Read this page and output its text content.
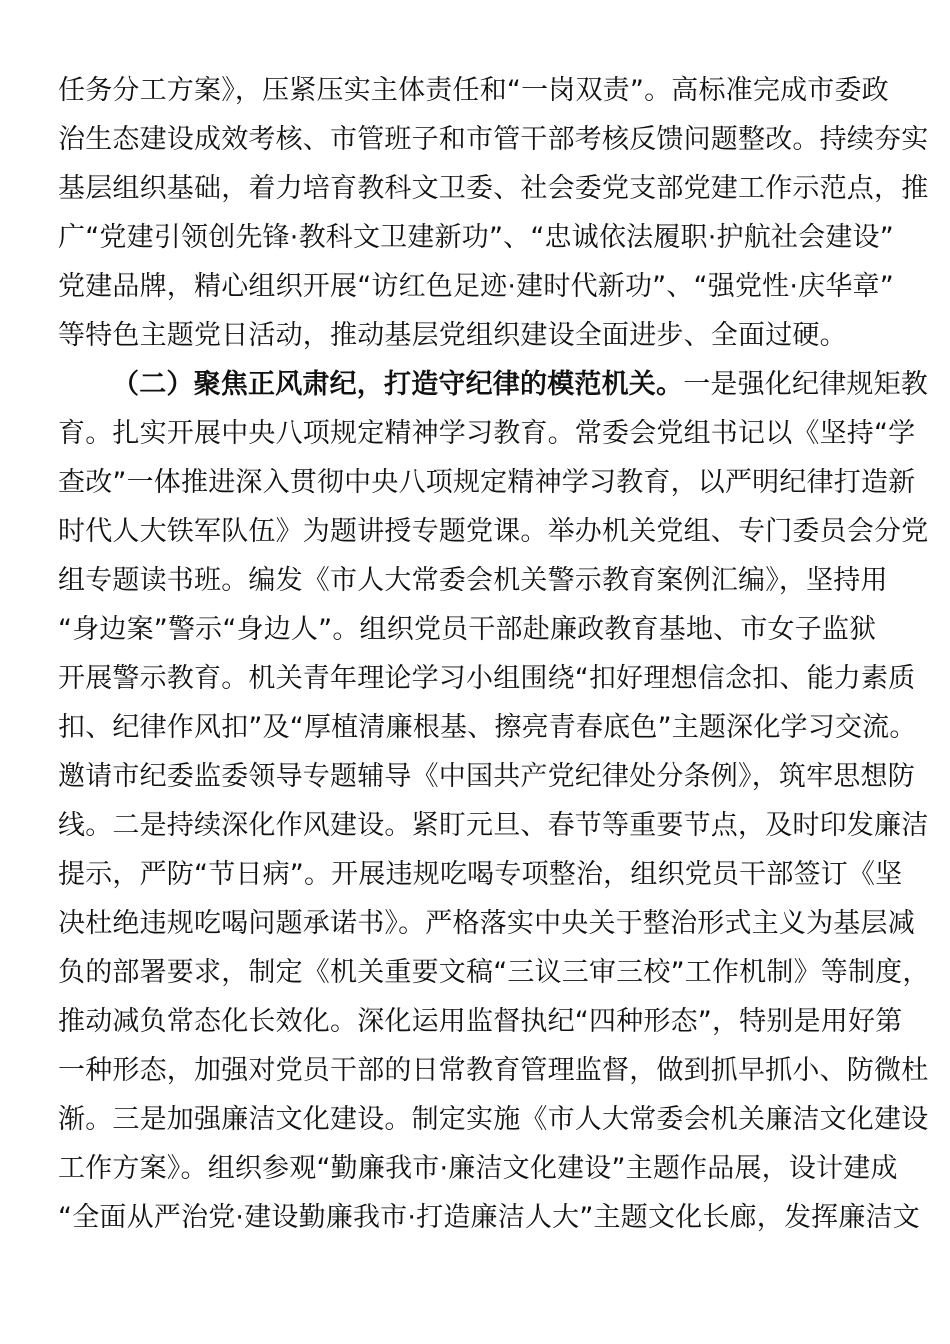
任务分工方案》，压紧压实主体责任和“一岗双责”。高标准完成市委政
治生态建设成效考核、市管班子和市管干部考核反馈问题整改。持续夯实
基层组织基础，着力培育教科文卫委、社会委党支部党建工作示范点，推
广“党建引领创先锋·教科文卫建新功”、“忠诚依法履职·护航社会建设”
党建品牌，精心组织开展“访红色足迹·建时代新功”、“强党性·庆华章”
等特色主题党日活动，推动基层党组织建设全面进步、全面过硬。
（二）聚焦正风肃纪，打造守纪律的模范机关。一是强化纪律规矩教
育。扎实开展中央八项规定精神学习教育。常委会党组书记以《坚持“学
查改”一体推进深入贯彻中央八项规定精神学习教育，以严明纪律打造新
时代人大铁军队伍》为题讲授专题党课。举办机关党组、专门委员会分党
组专题读书班。编发《市人大常委会机关警示教育案例汇编》，坚持用
“身边案”警示“身边人”。组织党员干部赴廉政教育基地、市女子监狱
开展警示教育。机关青年理论学习小组围绕“扣好理想信念扣、能力素质
扣、纪律作风扣”及“厚植清廉根基、擦亮青春底色”主题深化学习交流。
邀请市纪委监委领导专题辅导《中国共产党纪律处分条例》，筑牢思想防
线。二是持续深化作风建设。紧盯元旦、春节等重要节点，及时印发廉洁
提示，严防“节日病”。开展违规吃喝专项整治，组织党员干部签订《坚
决杜绝违规吃喝问题承诺书》。严格落实中央关于整治形式主义为基层减
负的部署要求，制定《机关重要文稿“三议三审三校”工作机制》等制度，
推动减负常态化长效化。深化运用监督执纪“四种形态”，特别是用好第
一种形态，加强对党员干部的日常教育管理监督，做到抓早抓小、防微杜
渐。三是加强廉洁文化建设。制定实施《市人大常委会机关廉洁文化建设
工作方案》。组织参观“勤廉我市·廉洁文化建设”主题作品展，设计建成
“全面从严治党·建设勤廉我市·打造廉洁人大”主题文化长廊，发挥廉洁文
